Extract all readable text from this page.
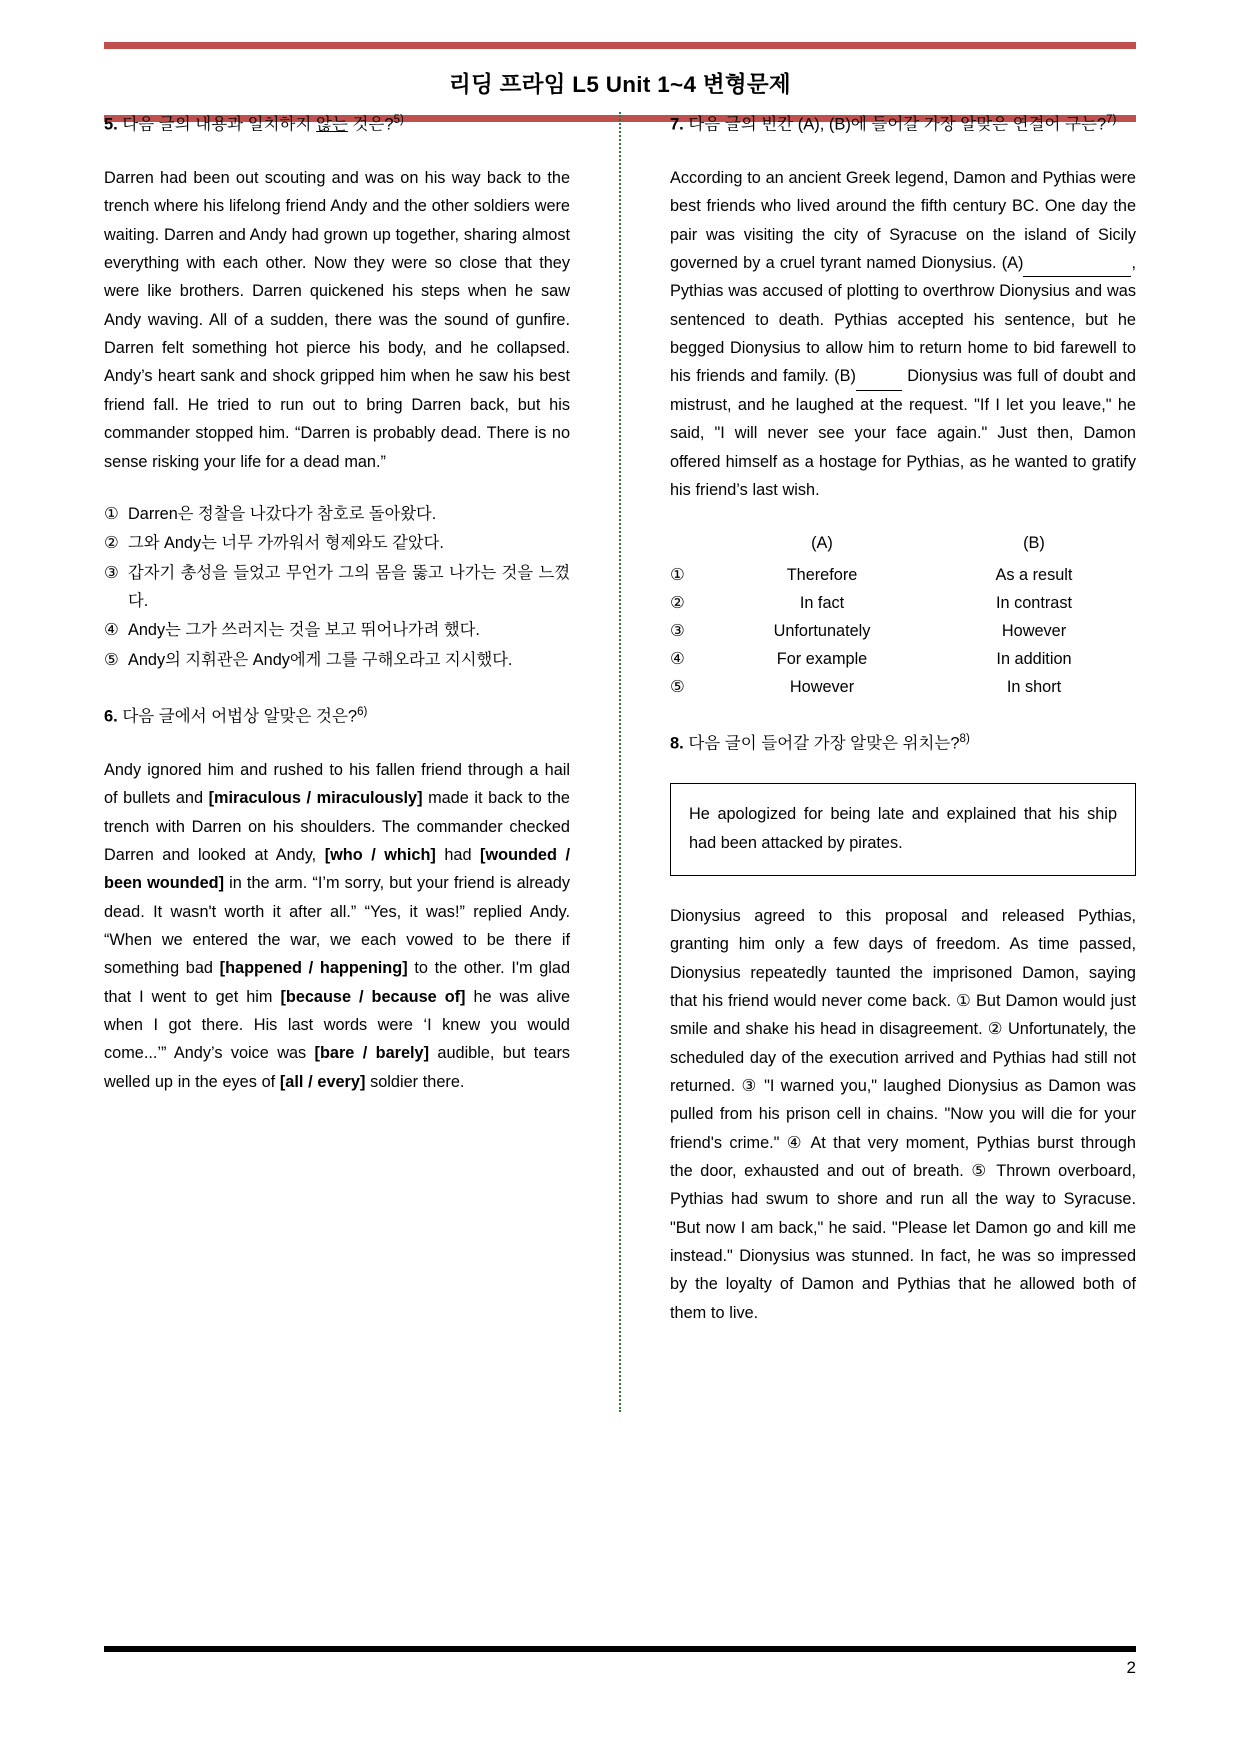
리딩 프라임 L5 Unit 1~4 변형문제
5. 다음 글의 내용과 일치하지 않는 것은?$^{5)}$
Darren had been out scouting and was on his way back to the trench where his lifelong friend Andy and the other soldiers were waiting. Darren and Andy had grown up together, sharing almost everything with each other. Now they were so close that they were like brothers. Darren quickened his steps when he saw Andy waving. All of a sudden, there was the sound of gunfire. Darren felt something hot pierce his body, and he collapsed. Andy’s heart sank and shock gripped him when he saw his best friend fall. He tried to run out to bring Darren back, but his commander stopped him. “Darren is probably dead. There is no sense risking your life for a dead man.”
① Darren은 정찰을 나갔다가 참호로 돌아왔다.
② 그와 Andy는 너무 가까워서 형제와도 같았다.
③ 갑자기 총성을 들었고 무언가 그의 몸을 뚫고 나가는 것을 느꼈다.
④ Andy는 그가 쓰러지는 것을 보고 뛰어나가려 했다.
⑤ Andy의 지휘관은 Andy에게 그를 구해오라고 지시했다.
6. 다음 글에서 어법상 알맞은 것은?$^{6)}$
Andy ignored him and rushed to his fallen friend through a hail of bullets and [miraculous / miraculously] made it back to the trench with Darren on his shoulders. The commander checked Darren and looked at Andy, [who / which] had [wounded / been wounded] in the arm. “I’m sorry, but your friend is already dead. It wasn't worth it after all.” “Yes, it was!” replied Andy. “When we entered the war, we each vowed to be there if something bad [happened / happening] to the other. I'm glad that I went to get him [because / because of] he was alive when I got there. His last words were ‘I knew you would come...’” Andy’s voice was [bare / barely] audible, but tears welled up in the eyes of [all / every] soldier there.
7. 다음 글의 빈칸 (A), (B)에 들어갈 가장 알맞은 연결어 구는?$^{7)}$
According to an ancient Greek legend, Damon and Pythias were best friends who lived around the fifth century BC. One day the pair was visiting the city of Syracuse on the island of Sicily governed by a cruel tyrant named Dionysius. (A)	, Pythias was accused of plotting to overthrow Dionysius and was sentenced to death. Pythias accepted his sentence, but he begged Dionysius to allow him to return home to bid farewell to his friends and family. (B)	Dionysius was full of doubt and mistrust, and he laughed at the request. "If I let you leave," he said, "I will never see your face again." Just then, Damon offered himself as a hostage for Pythias, as he wanted to gratify his friend’s last wish.
	(A)	(B)
①	Therefore	As a result
②	In fact	In contrast
③	Unfortunately	However
④	For example	In addition
⑤	However	In short
8. 다음 글이 들어갈 가장 알맞은 위치는?$^{8)}$
He apologized for being late and explained that his ship had been attacked by pirates.
Dionysius agreed to this proposal and released Pythias, granting him only a few days of freedom. As time passed, Dionysius repeatedly taunted the imprisoned Damon, saying that his friend would never come back. ① But Damon would just smile and shake his head in disagreement. ② Unfortunately, the scheduled day of the execution arrived and Pythias had still not returned. ③ "I warned you," laughed Dionysius as Damon was pulled from his prison cell in chains. "Now you will die for your friend's crime." ④ At that very moment, Pythias burst through the door, exhausted and out of breath. ⑤ Thrown overboard, Pythias had swum to shore and run all the way to Syracuse. "But now I am back," he said. "Please let Damon go and kill me instead." Dionysius was stunned. In fact, he was so impressed by the loyalty of Damon and Pythias that he allowed both of them to live.
2
